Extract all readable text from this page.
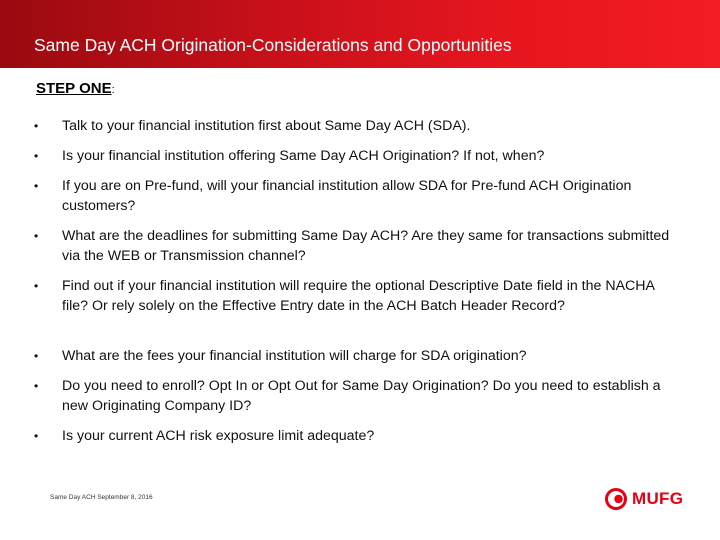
Same Day ACH Origination-Considerations and Opportunities
STEP ONE:
•	Talk to your financial institution first about Same Day ACH (SDA).
•	Is your financial institution offering Same Day ACH Origination? If not, when?
•	If you are on Pre-fund, will your financial institution allow SDA for Pre-fund ACH Origination customers?
•	What are the deadlines for submitting Same Day ACH? Are they same for transactions submitted via the WEB or Transmission channel?
•	Find out if your financial institution will require the optional Descriptive Date field in the NACHA file? Or rely solely on the Effective Entry date in the ACH Batch Header Record?
•	What are the fees your financial institution will charge for SDA origination?
•	Do you need to enroll? Opt In or Opt Out for Same Day Origination? Do you need to establish a new Originating Company ID?
•	Is your current ACH risk exposure limit adequate?
Same Day ACH September 8, 2016	MUFG
